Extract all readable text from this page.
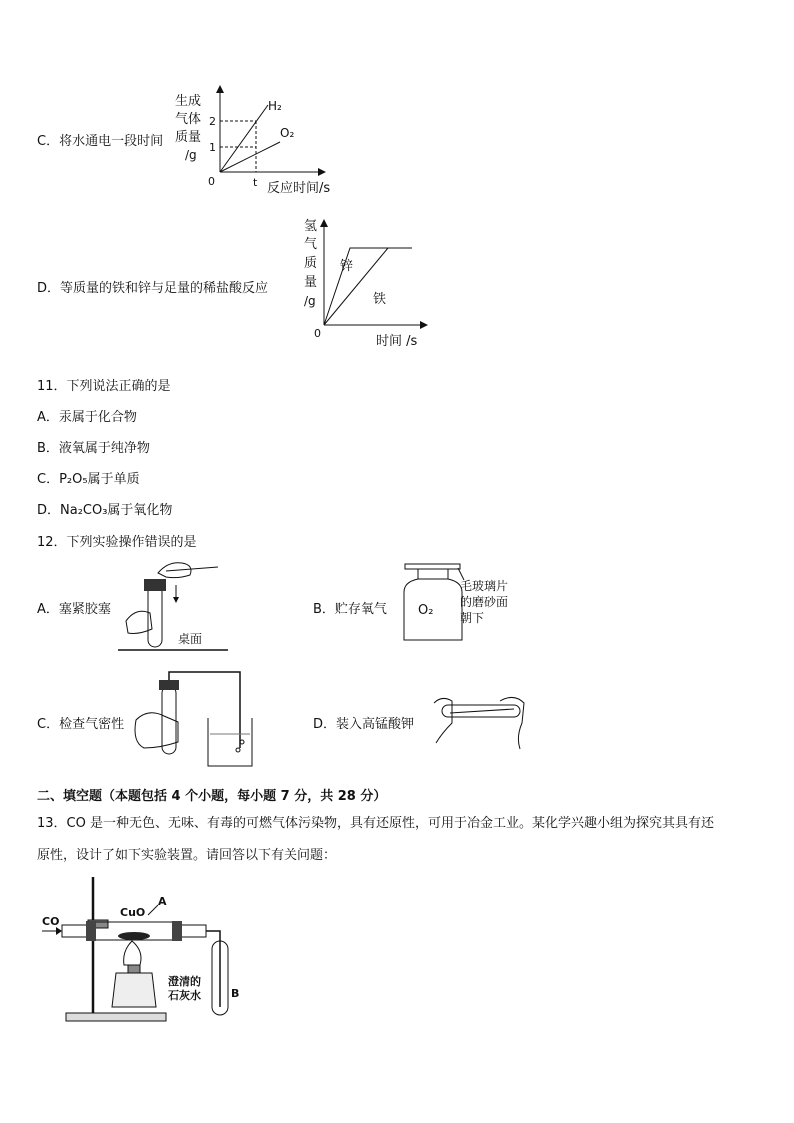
C．将水通电一段时间
生成
气体
质量
/g
2
1
0	t 反应时间/s
H₂
O₂
D．等质量的铁和锌与足量的稀盐酸反应
氢
气
质
量
/g
锌
铁
0
时间 /s
11．下列说法正确的是
A．汞属于化合物
B．液氧属于纯净物
C．P₂O₅属于单质
D．Na₂CO₃属于氧化物
12．下列实验操作错误的是
A．塞紧胶塞
桌面
B．贮存氧气 O₂
毛玻璃片
的磨砂面
朝下
C．检查气密性	D．装入高锰酸钾
二、填空题（本题包括 4 个小题，每小题 7 分，共 28 分）
13．CO 是一种无色、无味、有毒的可燃气体污染物，具有还原性，可用于冶金工业。某化学兴趣小组为探究其具有还
原性，设计了如下实验装置。请回答以下有关问题：
CO
CuO
A
澄清的
石灰水	B
